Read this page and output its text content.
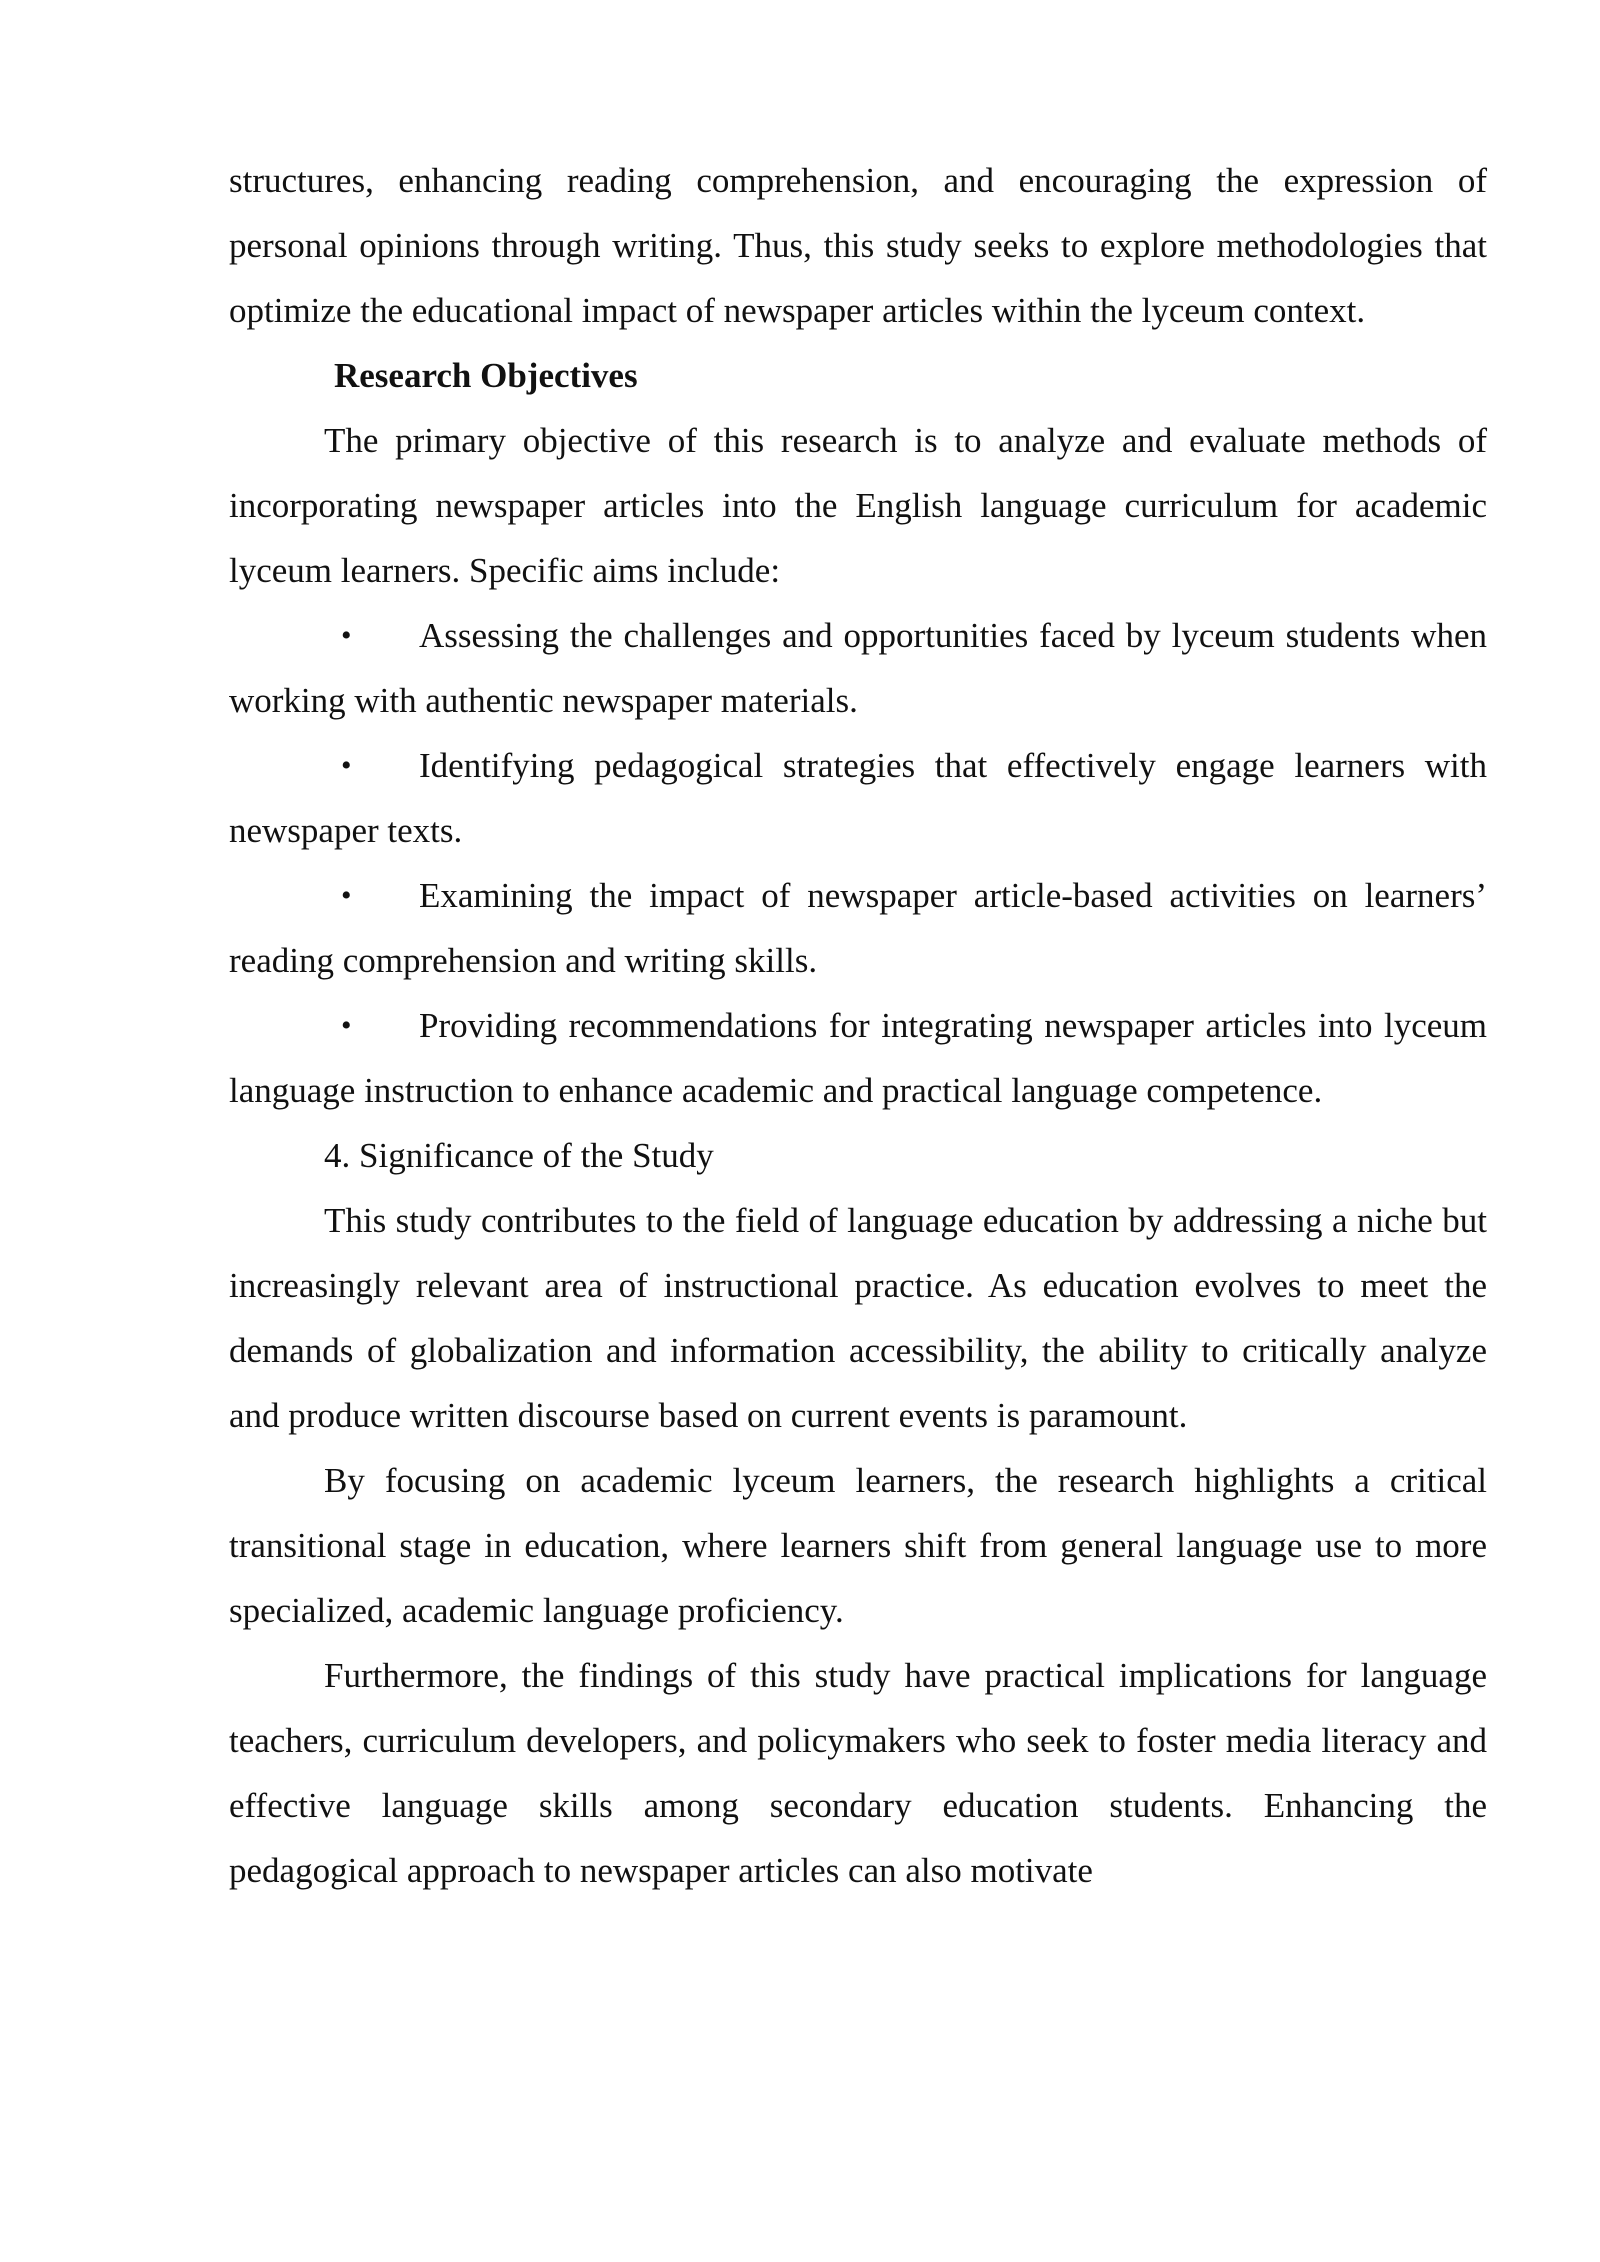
structures, enhancing reading comprehension, and encouraging the expression of personal opinions through writing. Thus, this study seeks to explore methodologies that optimize the educational impact of newspaper articles within the lyceum context.

Research Objectives

The primary objective of this research is to analyze and evaluate methods of incorporating newspaper articles into the English language curriculum for academic lyceum learners. Specific aims include:

• Assessing the challenges and opportunities faced by lyceum students when working with authentic newspaper materials.

• Identifying pedagogical strategies that effectively engage learners with newspaper texts.

• Examining the impact of newspaper article-based activities on learners’ reading comprehension and writing skills.

• Providing recommendations for integrating newspaper articles into lyceum language instruction to enhance academic and practical language competence.

4. Significance of the Study

This study contributes to the field of language education by addressing a niche but increasingly relevant area of instructional practice. As education evolves to meet the demands of globalization and information accessibility, the ability to critically analyze and produce written discourse based on current events is paramount.

By focusing on academic lyceum learners, the research highlights a critical transitional stage in education, where learners shift from general language use to more specialized, academic language proficiency.

Furthermore, the findings of this study have practical implications for language teachers, curriculum developers, and policymakers who seek to foster media literacy and effective language skills among secondary education students. Enhancing the pedagogical approach to newspaper articles can also motivate
